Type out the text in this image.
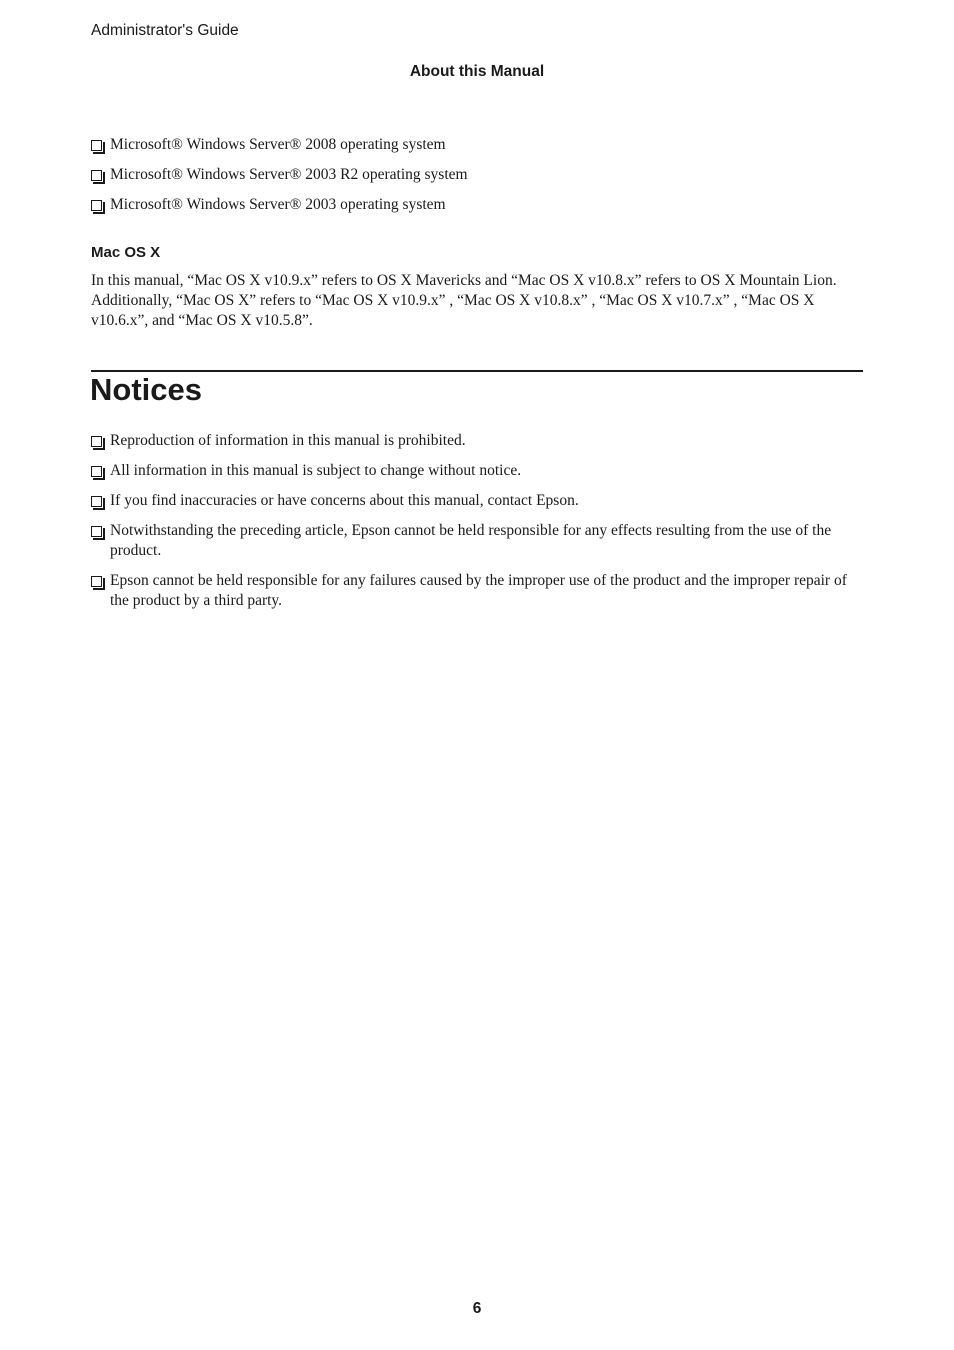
Administrator's Guide
About this Manual
Microsoft® Windows Server® 2008 operating system
Microsoft® Windows Server® 2003 R2 operating system
Microsoft® Windows Server® 2003 operating system
Mac OS X

In this manual, “Mac OS X v10.9.x” refers to OS X Mavericks and “Mac OS X v10.8.x” refers to OS X Mountain Lion. Additionally, “Mac OS X” refers to “Mac OS X v10.9.x” , “Mac OS X v10.8.x” , “Mac OS X v10.7.x” , “Mac OS X v10.6.x”, and “Mac OS X v10.5.8”.

Notices
Reproduction of information in this manual is prohibited.
All information in this manual is subject to change without notice.
If you find inaccuracies or have concerns about this manual, contact Epson.
Notwithstanding the preceding article, Epson cannot be held responsible for any effects resulting from the use of the product.
Epson cannot be held responsible for any failures caused by the improper use of the product and the improper repair of the product by a third party.
6
